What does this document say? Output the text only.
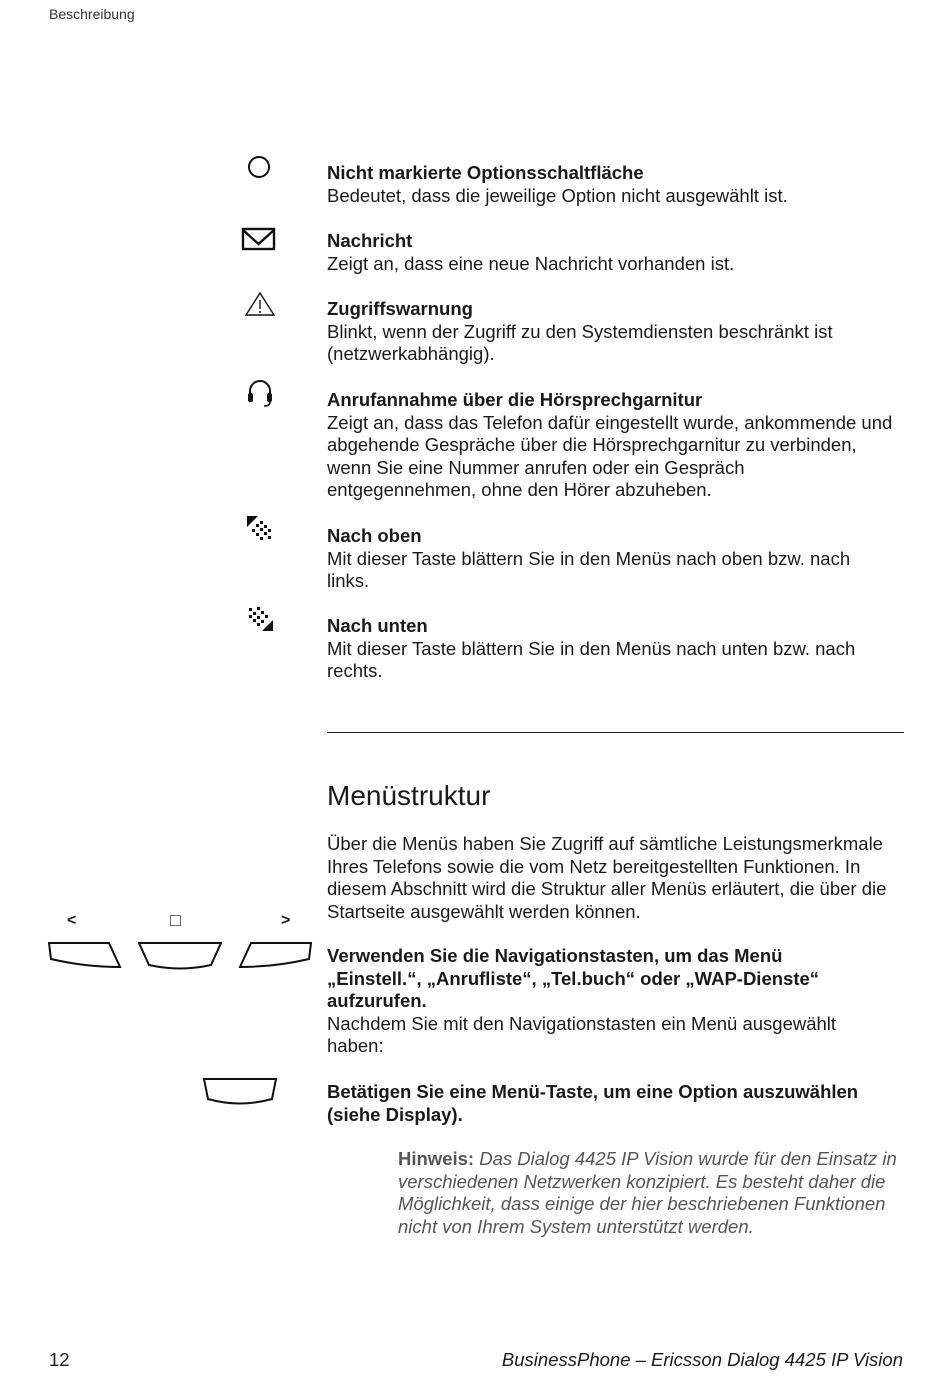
Beschreibung
Nicht markierte Optionsschaltfläche
Bedeutet, dass die jeweilige Option nicht ausgewählt ist.
Nachricht
Zeigt an, dass eine neue Nachricht vorhanden ist.
Zugriffswarnung
Blinkt, wenn der Zugriff zu den Systemdiensten beschränkt ist (netzwerkabhängig).
Anrufannahme über die Hörsprechgarnitur
Zeigt an, dass das Telefon dafür eingestellt wurde, ankommende und abgehende Gespräche über die Hörsprechgarnitur zu verbinden, wenn Sie eine Nummer anrufen oder ein Gespräch entgegennehmen, ohne den Hörer abzuheben.
Nach oben
Mit dieser Taste blättern Sie in den Menüs nach oben bzw. nach links.
Nach unten
Mit dieser Taste blättern Sie in den Menüs nach unten bzw. nach rechts.
Menüstruktur

Über die Menüs haben Sie Zugriff auf sämtliche Leistungsmerkmale Ihres Telefons sowie die vom Netz bereitgestellten Funktionen. In diesem Abschnitt wird die Struktur aller Menüs erläutert, die über die Startseite ausgewählt werden können.

<	□	>

Verwenden Sie die Navigationstasten, um das Menü „Einstell.“, „Anrufliste“, „Tel.buch“ oder „WAP-Dienste“ aufzurufen.
Nachdem Sie mit den Navigationstasten ein Menü ausgewählt haben:

Betätigen Sie eine Menü-Taste, um eine Option auszuwählen (siehe Display).

Hinweis: Das Dialog 4425 IP Vision wurde für den Einsatz in verschiedenen Netzwerken konzipiert. Es besteht daher die Möglichkeit, dass einige der hier beschriebenen Funktionen nicht von Ihrem System unterstützt werden.
12	BusinessPhone – Ericsson Dialog 4425 IP Vision
